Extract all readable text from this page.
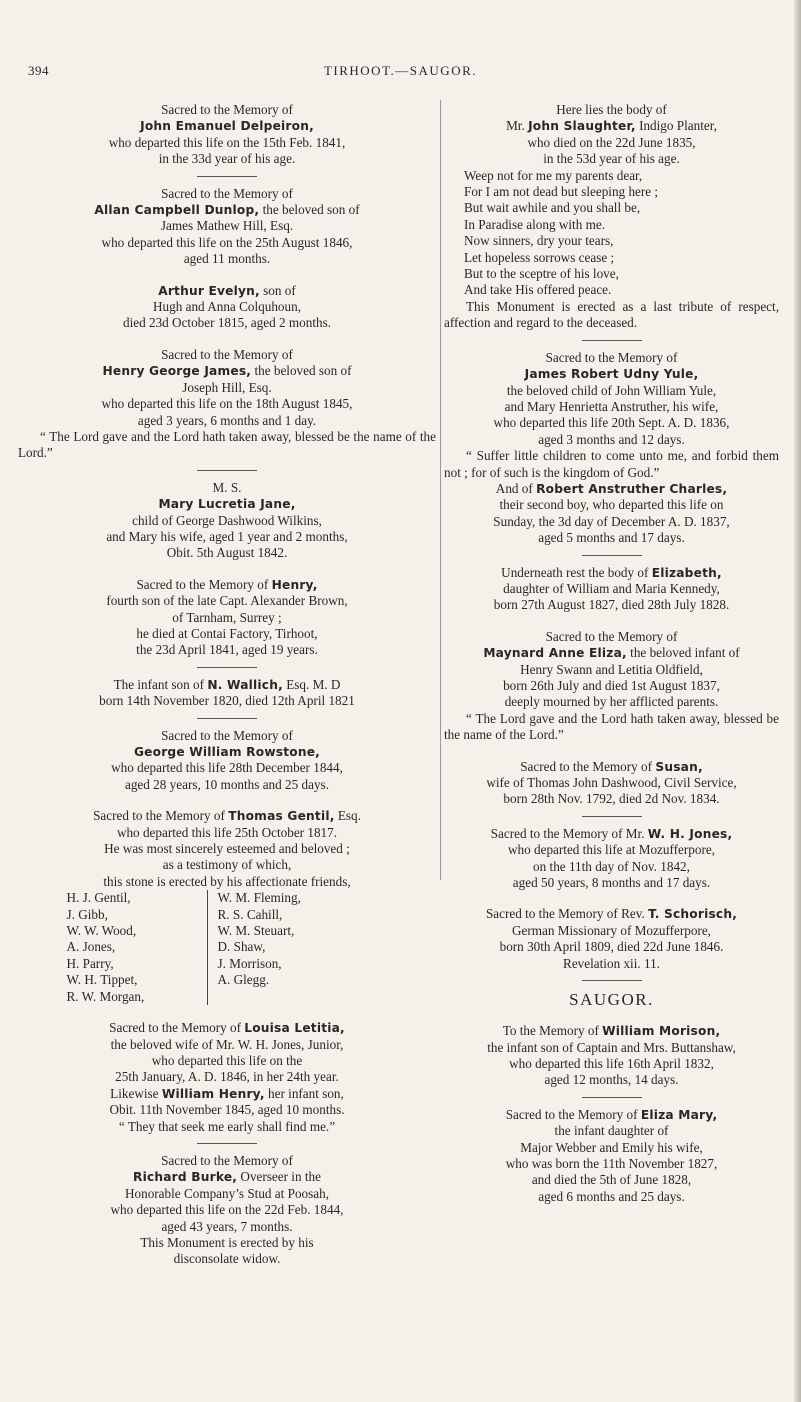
394	TIRHOOT.—SAUGOR.

Sacred to the Memory of

John Emanuel Delpeiron,

who departed this life on the 15th Feb. 1841,

in the 33d year of his age.

Sacred to the Memory of

Allan Campbell Dunlop, the beloved son of

James Mathew Hill, Esq.

who departed this life on the 25th August 1846,

aged 11 months.

Arthur Evelyn, son of

Hugh and Anna Colquhoun,

died 23d October 1815, aged 2 months.

Sacred to the Memory of

Henry George James, the beloved son of

Joseph Hill, Esq.

who departed this life on the 18th August 1845,

aged 3 years, 6 months and 1 day.

“ The Lord gave and the Lord hath taken away, blessed be the name of the Lord.”

M. S.

Mary Lucretia Jane,

child of George Dashwood Wilkins,

and Mary his wife, aged 1 year and 2 months,

Obit. 5th August 1842.

Sacred to the Memory of Henry,

fourth son of the late Capt. Alexander Brown,

of Tarnham, Surrey ;

he died at Contai Factory, Tirhoot,

the 23d April 1841, aged 19 years.

The infant son of N. Wallich, Esq. M. D

born 14th November 1820, died 12th April 1821

Sacred to the Memory of

George William Rowstone,

who departed this life 28th December 1844,

aged 28 years, 10 months and 25 days.

Sacred to the Memory of Thomas Gentil, Esq.

who departed this life 25th October 1817.

He was most sincerely esteemed and beloved ;

as a testimony of which,

this stone is erected by his affectionate friends,

H. J. Gentil,
J. Gibb,
W. W. Wood,
A. Jones,
H. Parry,
W. H. Tippet,
R. W. Morgan,
W. M. Fleming,
R. S. Cahill,
W. M. Steuart,
D. Shaw,
J. Morrison,
A. Glegg.

Sacred to the Memory of Louisa Letitia,

the beloved wife of Mr. W. H. Jones, Junior,

who departed this life on the

25th January, A. D. 1846, in her 24th year.

Likewise William Henry, her infant son,

Obit. 11th November 1845, aged 10 months.

“ They that seek me early shall find me.”

Sacred to the Memory of

Richard Burke, Overseer in the

Honorable Company’s Stud at Poosah,

who departed this life on the 22d Feb. 1844,

aged 43 years, 7 months.

This Monument is erected by his

disconsolate widow.

Here lies the body of

Mr. John Slaughter, Indigo Planter,

who died on the 22d June 1835,

in the 53d year of his age.

Weep not for me my parents dear,

For I am not dead but sleeping here ;

But wait awhile and you shall be,

In Paradise along with me.

Now sinners, dry your tears,

Let hopeless sorrows cease ;

But to the sceptre of his love,

And take His offered peace.

This Monument is erected as a last tribute of respect, affection and regard to the deceased.

Sacred to the Memory of

James Robert Udny Yule,

the beloved child of John William Yule,

and Mary Henrietta Anstruther, his wife,

who departed this life 20th Sept. A. D. 1836,

aged 3 months and 12 days.

“ Suffer little children to come unto me, and forbid them not ; for of such is the kingdom of God.”

And of Robert Anstruther Charles,

their second boy, who departed this life on

Sunday, the 3d day of December A. D. 1837,

aged 5 months and 17 days.

Underneath rest the body of Elizabeth,

daughter of William and Maria Kennedy,

born 27th August 1827, died 28th July 1828.

Sacred to the Memory of

Maynard Anne Eliza, the beloved infant of

Henry Swann and Letitia Oldfield,

born 26th July and died 1st August 1837,

deeply mourned by her afflicted parents.

“ The Lord gave and the Lord hath taken away, blessed be the name of the Lord.”

Sacred to the Memory of Susan,

wife of Thomas John Dashwood, Civil Service,

born 28th Nov. 1792, died 2d Nov. 1834.

Sacred to the Memory of Mr. W. H. Jones,

who departed this life at Mozufferpore,

on the 11th day of Nov. 1842,

aged 50 years, 8 months and 17 days.

Sacred to the Memory of Rev. T. Schorisch,

German Missionary of Mozufferpore,

born 30th April 1809, died 22d June 1846.

Revelation xii. 11.

SAUGOR.

To the Memory of William Morison,

the infant son of Captain and Mrs. Buttanshaw,

who departed this life 16th April 1832,

aged 12 months, 14 days.

Sacred to the Memory of Eliza Mary,

the infant daughter of

Major Webber and Emily his wife,

who was born the 11th November 1827,

and died the 5th of June 1828,

aged 6 months and 25 days.
